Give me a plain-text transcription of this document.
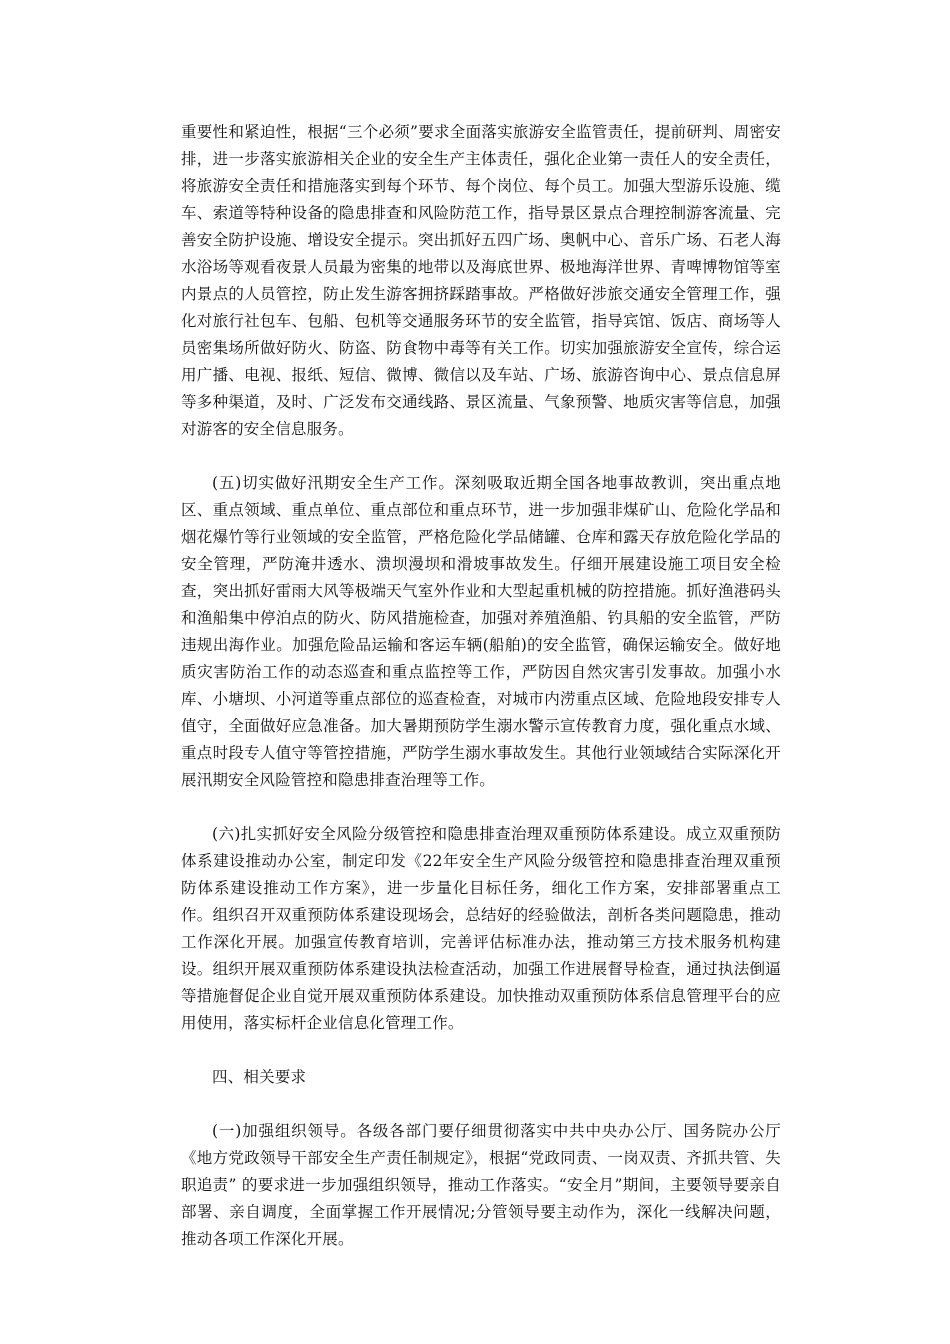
重要性和紧迫性，根据“三个必须”要求全面落实旅游安全监管责任，提前研判、周密安排，进一步落实旅游相关企业的安全生产主体责任，强化企业第一责任人的安全责任，将旅游安全责任和措施落实到每个环节、每个岗位、每个员工。加强大型游乐设施、缆车、索道等特种设备的隐患排查和风险防范工作，指导景区景点合理控制游客流量、完善安全防护设施、增设安全提示。突出抓好五四广场、奥帆中心、音乐广场、石老人海水浴场等观看夜景人员最为密集的地带以及海底世界、极地海洋世界、青啤博物馆等室内景点的人员管控，防止发生游客拥挤踩踏事故。严格做好涉旅交通安全管理工作，强化对旅行社包车、包船、包机等交通服务环节的安全监管，指导宾馆、饭店、商场等人员密集场所做好防火、防盗、防食物中毒等有关工作。切实加强旅游安全宣传，综合运用广播、电视、报纸、短信、微博、微信以及车站、广场、旅游咨询中心、景点信息屏等多种渠道，及时、广泛发布交通线路、景区流量、气象预警、地质灾害等信息，加强对游客的安全信息服务。

(五)切实做好汛期安全生产工作。深刻吸取近期全国各地事故教训，突出重点地区、重点领域、重点单位、重点部位和重点环节，进一步加强非煤矿山、危险化学品和烟花爆竹等行业领域的安全监管，严格危险化学品储罐、仓库和露天存放危险化学品的安全管理，严防淹井透水、溃坝漫坝和滑坡事故发生。仔细开展建设施工项目安全检查，突出抓好雷雨大风等极端天气室外作业和大型起重机械的防控措施。抓好渔港码头和渔船集中停泊点的防火、防风措施检查，加强对养殖渔船、钓具船的安全监管，严防违规出海作业。加强危险品运输和客运车辆(船舶)的安全监管，确保运输安全。做好地质灾害防治工作的动态巡查和重点监控等工作，严防因自然灾害引发事故。加强小水库、小塘坝、小河道等重点部位的巡查检查，对城市内涝重点区域、危险地段安排专人值守，全面做好应急准备。加大暑期预防学生溺水警示宣传教育力度，强化重点水域、重点时段专人值守等管控措施，严防学生溺水事故发生。其他行业领域结合实际深化开展汛期安全风险管控和隐患排查治理等工作。

(六)扎实抓好安全风险分级管控和隐患排查治理双重预防体系建设。成立双重预防体系建设推动办公室，制定印发《22年安全生产风险分级管控和隐患排查治理双重预防体系建设推动工作方案》，进一步量化目标任务，细化工作方案，安排部署重点工作。组织召开双重预防体系建设现场会，总结好的经验做法，剖析各类问题隐患，推动工作深化开展。加强宣传教育培训，完善评估标准办法，推动第三方技术服务机构建设。组织开展双重预防体系建设执法检查活动，加强工作进展督导检查，通过执法倒逼等措施督促企业自觉开展双重预防体系建设。加快推动双重预防体系信息管理平台的应用使用，落实标杆企业信息化管理工作。

四、相关要求

(一)加强组织领导。各级各部门要仔细贯彻落实中共中央办公厅、国务院办公厅《地方党政领导干部安全生产责任制规定》，根据“党政同责、一岗双责、齐抓共管、失职追责” 的要求进一步加强组织领导，推动工作落实。“安全月”期间，主要领导要亲自部署、亲自调度，全面掌握工作开展情况;分管领导要主动作为，深化一线解决问题，推动各项工作深化开展。
